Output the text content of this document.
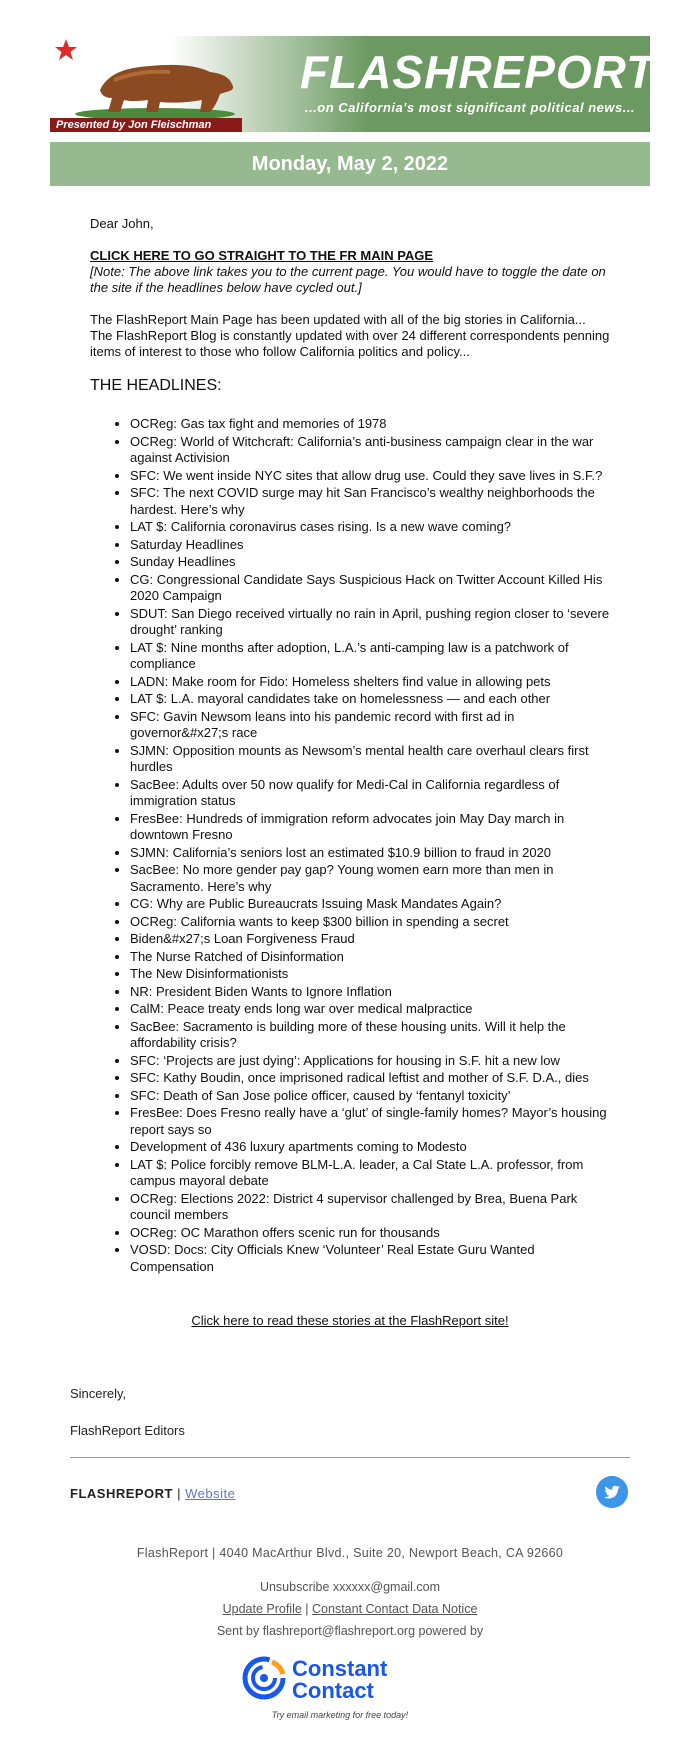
Presented by Jon Fleischman
FLASHREPORT
...on California's most significant political news...
Monday, May 2, 2022

Dear John,

CLICK HERE TO GO STRAIGHT TO THE FR MAIN PAGE

[Note: The above link takes you to the current page. You would have to toggle the date on the site if the headlines below have cycled out.]

The FlashReport Main Page has been updated with all of the big stories in California...

The FlashReport Blog is constantly updated with over 24 different correspondents penning items of interest to those who follow California politics and policy...

THE HEADLINES:
• OCReg: Gas tax fight and memories of 1978
• OCReg: World of Witchcraft: California’s anti-business campaign clear in the war against Activision
• SFC: We went inside NYC sites that allow drug use. Could they save lives in S.F.?
• SFC: The next COVID surge may hit San Francisco’s wealthy neighborhoods the hardest. Here’s why
• LAT $: California coronavirus cases rising. Is a new wave coming?
• Saturday Headlines
• Sunday Headlines
• CG: Congressional Candidate Says Suspicious Hack on Twitter Account Killed His 2020 Campaign
• SDUT: San Diego received virtually no rain in April, pushing region closer to ‘severe drought’ ranking
• LAT $: Nine months after adoption, L.A.’s anti-camping law is a patchwork of compliance
• LADN: Make room for Fido: Homeless shelters find value in allowing pets
• LAT $: L.A. mayoral candidates take on homelessness — and each other
• SFC: Gavin Newsom leans into his pandemic record with first ad in governor&#x27;s race
• SJMN: Opposition mounts as Newsom’s mental health care overhaul clears first hurdles
• SacBee: Adults over 50 now qualify for Medi-Cal in California regardless of immigration status
• FresBee: Hundreds of immigration reform advocates join May Day march in downtown Fresno
• SJMN: California’s seniors lost an estimated $10.9 billion to fraud in 2020
• SacBee: No more gender pay gap? Young women earn more than men in Sacramento. Here’s why
• CG: Why are Public Bureaucrats Issuing Mask Mandates Again?
• OCReg: California wants to keep $300 billion in spending a secret
• Biden&#x27;s Loan Forgiveness Fraud
• The Nurse Ratched of Disinformation
• The New Disinformationists
• NR: President Biden Wants to Ignore Inflation
• CalM: Peace treaty ends long war over medical malpractice
• SacBee: Sacramento is building more of these housing units. Will it help the affordability crisis?
• SFC: ‘Projects are just dying’: Applications for housing in S.F. hit a new low
• SFC: Kathy Boudin, once imprisoned radical leftist and mother of S.F. D.A., dies
• SFC: Death of San Jose police officer, caused by ‘fentanyl toxicity’
• FresBee: Does Fresno really have a ‘glut’ of single-family homes? Mayor’s housing report says so
• Development of 436 luxury apartments coming to Modesto
• LAT $: Police forcibly remove BLM-L.A. leader, a Cal State L.A. professor, from campus mayoral debate
• OCReg: Elections 2022: District 4 supervisor challenged by Brea, Buena Park council members
• OCReg: OC Marathon offers scenic run for thousands
• VOSD: Docs: City Officials Knew ‘Volunteer’ Real Estate Guru Wanted Compensation
Click here to read these stories at the FlashReport site!

Sincerely,

FlashReport Editors

FLASHREPORT | Website
FlashReport | 4040 MacArthur Blvd., Suite 20, Newport Beach, CA 92660
Unsubscribe xxxxxx@gmail.com
Update Profile | Constant Contact Data Notice
Sent by flashreport@flashreport.org powered by
Constant
Contact
Try email marketing for free today!
